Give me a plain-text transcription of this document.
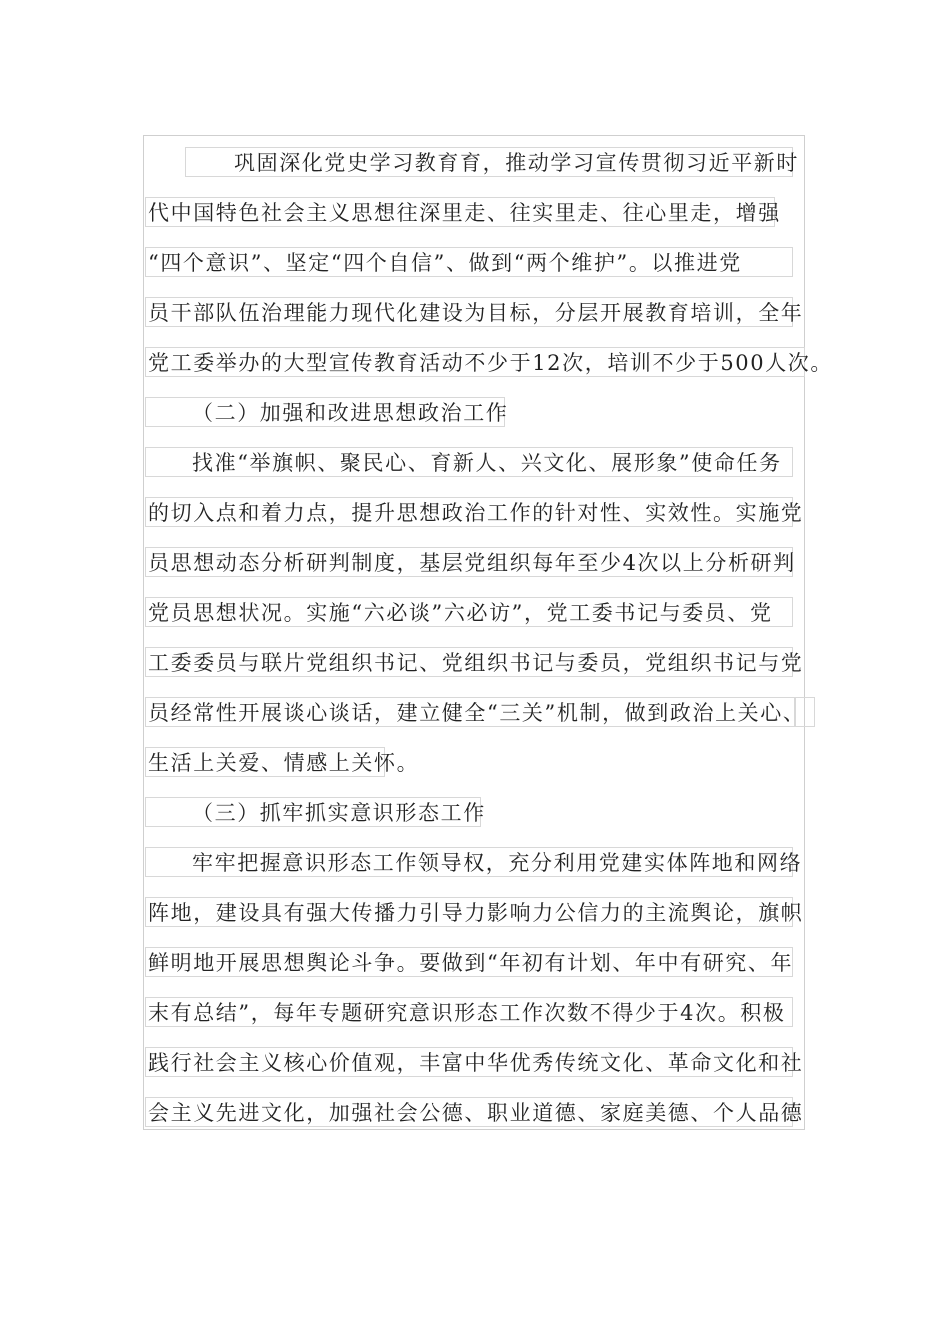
巩固深化党史学习教育育，推动学习宣传贯彻习近平新时
代中国特色社会主义思想往深里走、往实里走、往心里走，增强
“四个意识”、坚定“四个自信”、做到“两个维护”。以推进党
员干部队伍治理能力现代化建设为目标，分层开展教育培训，全年
党工委举办的大型宣传教育活动不少于12次，培训不少于500人次。
（二）加强和改进思想政治工作
找准“举旗帜、聚民心、育新人、兴文化、展形象”使命任务
的切入点和着力点，提升思想政治工作的针对性、实效性。实施党
员思想动态分析研判制度，基层党组织每年至少4次以上分析研判
党员思想状况。实施“六必谈”六必访”，党工委书记与委员、党
工委委员与联片党组织书记、党组织书记与委员，党组织书记与党
员经常性开展谈心谈话，建立健全“三关”机制，做到政治上关心、
生活上关爱、情感上关怀。
（三）抓牢抓实意识形态工作
牢牢把握意识形态工作领导权，充分利用党建实体阵地和网络
阵地，建设具有强大传播力引导力影响力公信力的主流舆论，旗帜
鲜明地开展思想舆论斗争。要做到“年初有计划、年中有研究、年
末有总结”，每年专题研究意识形态工作次数不得少于4次。积极
践行社会主义核心价值观，丰富中华优秀传统文化、革命文化和社
会主义先进文化，加强社会公德、职业道德、家庭美德、个人品德
